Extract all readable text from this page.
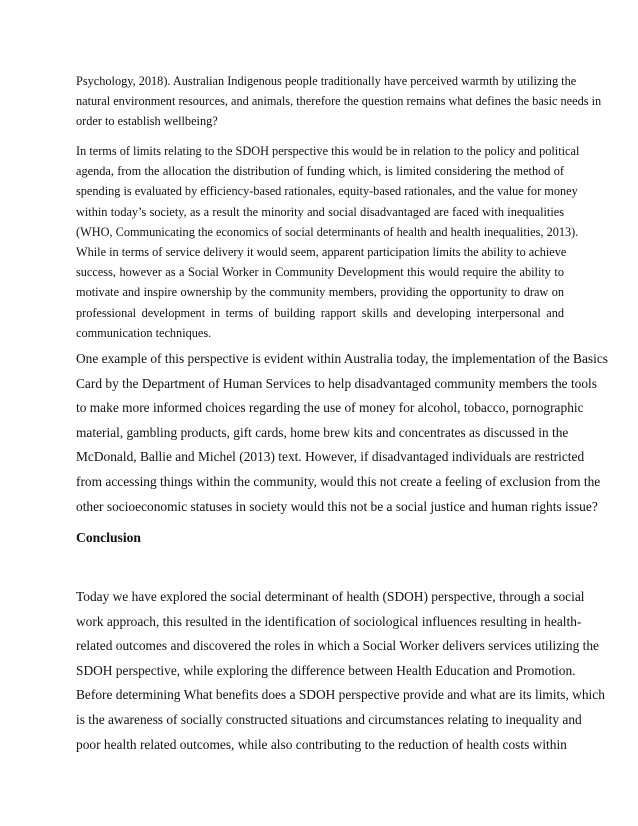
Psychology, 2018). Australian Indigenous people traditionally have perceived warmth by utilizing the
natural environment resources, and animals, therefore the question remains what defines the basic needs in
order to establish wellbeing?

In terms of limits relating to the SDOH perspective this would be in relation to the policy and political
agenda, from the allocation the distribution of funding which, is limited considering the method of
spending is evaluated by efficiency-based rationales, equity-based rationales, and the value for money
within today’s society, as a result the minority and social disadvantaged are faced with inequalities
(WHO, Communicating the economics of social determinants of health and health inequalities, 2013).
While in terms of service delivery it would seem, apparent participation limits the ability to achieve
success, however as a Social Worker in Community Development this would require the ability to
motivate and inspire ownership by the community members, providing the opportunity to draw on
professional development in terms of building rapport skills and developing interpersonal and
communication techniques.

One example of this perspective is evident within Australia today, the implementation of the Basics
Card by the Department of Human Services to help disadvantaged community members the tools
to make more informed choices regarding the use of money for alcohol, tobacco, pornographic
material, gambling products, gift cards, home brew kits and concentrates as discussed in the
McDonald, Ballie and Michel (2013) text. However, if disadvantaged individuals are restricted
from accessing things within the community, would this not create a feeling of exclusion from the
other socioeconomic statuses in society would this not be a social justice and human rights issue?

Conclusion

Today we have explored the social determinant of health (SDOH) perspective, through a social
work approach, this resulted in the identification of sociological influences resulting in health-
related outcomes and discovered the roles in which a Social Worker delivers services utilizing the
SDOH perspective, while exploring the difference between Health Education and Promotion.
Before determining What benefits does a SDOH perspective provide and what are its limits, which
is the awareness of socially constructed situations and circumstances relating to inequality and
poor health related outcomes, while also contributing to the reduction of health costs within
